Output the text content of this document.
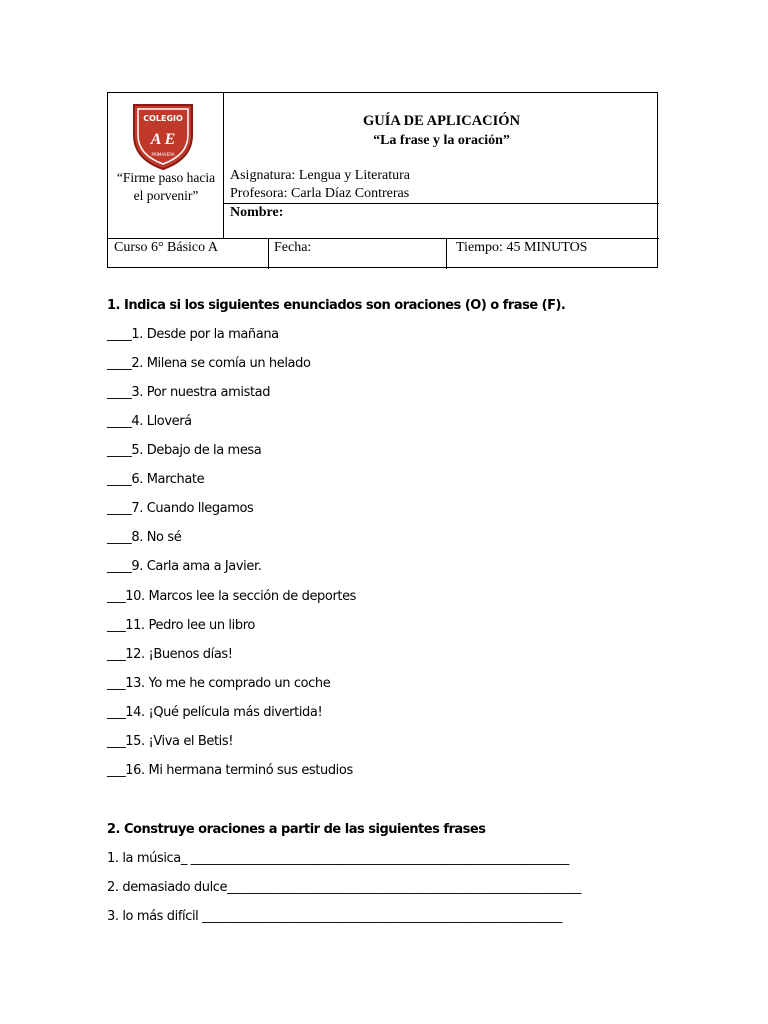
COLEGIO
A E
PRIMAVERA
“Firme paso hacia
el porvenir”
GUÍA DE APLICACIÓN
“La frase y la oración”
Asignatura: Lengua y Literatura
Profesora: Carla Díaz Contreras
Nombre:
Curso 6° Básico A	Fecha:	Tiempo: 45 MINUTOS
1. Indica si los siguientes enunciados son oraciones (O) o frase (F).
____1. Desde por la mañana
____2. Milena se comía un helado
____3. Por nuestra amistad
____4. Lloverá
____5. Debajo de la mesa
____6. Marchate
____7. Cuando llegamos
____8. No sé
____9. Carla ama a Javier.
___10. Marcos lee la sección de deportes
___11. Pedro lee un libro
___12. ¡Buenos días!
___13. Yo me he comprado un coche
___14. ¡Qué película más divertida!
___15. ¡Viva el Betis!
___16. Mi hermana terminó sus estudios
2. Construye oraciones a partir de las siguientes frases
1. la música_ ______________________________________________________________
2. demasiado dulce__________________________________________________________
3. lo más difícil ___________________________________________________________
